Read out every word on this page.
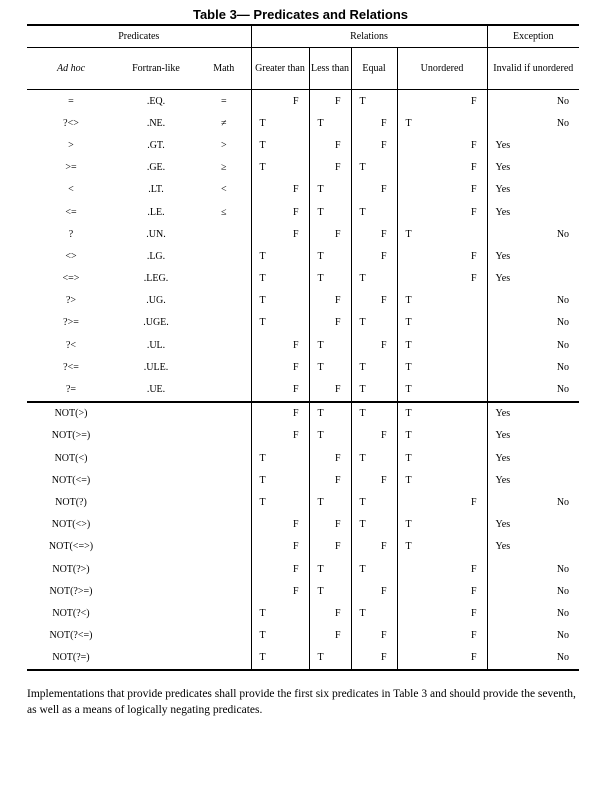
Table 3— Predicates and Relations
Predicates			Relations				Exception
Ad hoc	Fortran-like	Math	Greater than	Less than	Equal	Unordered	Invalid if unordered
=	.EQ.	=	F	F	T	F	No
?<>	.NE.	≠	T	T	F	T	No
>	.GT.	>	T	F	F	F	Yes
>=	.GE.	≥	T	F	T	F	Yes
<	.LT.	<	F	T	F	F	Yes
<=	.LE.	≤	F	T	T	F	Yes
?	.UN.		F	F	F	T	No
<>	.LG.		T	T	F	F	Yes
<=>	.LEG.		T	T	T	F	Yes
?>	.UG.		T	F	F	T	No
?>=	.UGE.		T	F	T	T	No
?<	.UL.		F	T	F	T	No
?<=	.ULE.		F	T	T	T	No
?=	.UE.		F	F	T	T	No
NOT(>)			F	T	T	T	Yes
NOT(>=)			F	T	F	T	Yes
NOT(<)			T	F	T	T	Yes
NOT(<=)			T	F	F	T	Yes
NOT(?)			T	T	T	F	No
NOT(<>)			F	F	T	T	Yes
NOT(<=>)			F	F	F	T	Yes
NOT(?>)			F	T	T	F	No
NOT(?>=)			F	T	F	F	No
NOT(?<)			T	F	T	F	No
NOT(?<=)			T	F	F	F	No
NOT(?=)			T	T	F	F	No
Implementations that provide predicates shall provide the first six predicates in Table 3 and should provide the seventh, as well as a means of logically negating predicates.
